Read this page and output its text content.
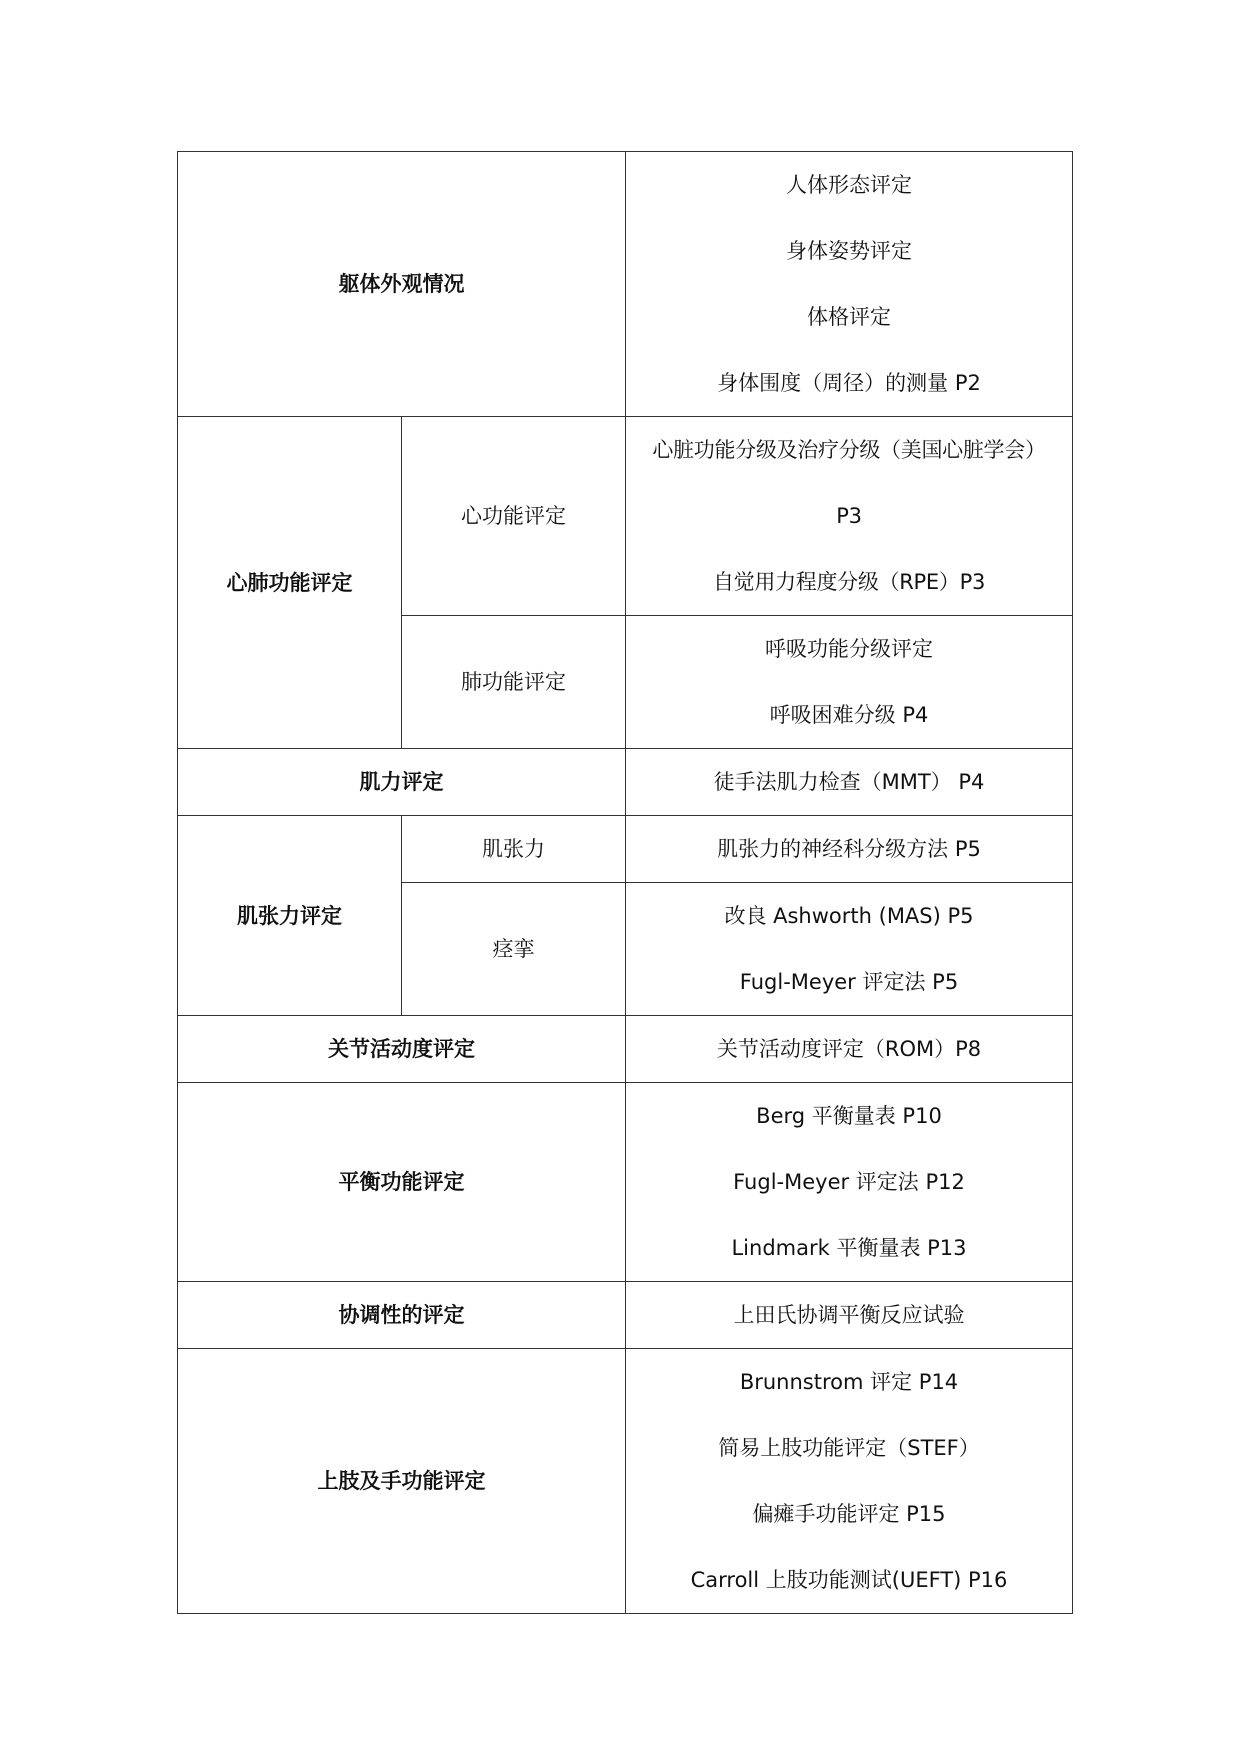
躯体外观情况		人体形态评定
身体姿势评定
体格评定
身体围度（周径）的测量 P2

心肺功能评定	心功能评定	心脏功能分级及治疗分级（美国心脏学会）
P3
自觉用力程度分级（RPE）P3

	肺功能评定	呼吸功能分级评定
呼吸困难分级 P4

肌力评定		徒手法肌力检查（MMT） P4

肌张力评定	肌张力	肌张力的神经科分级方法 P5

	痉挛	改良 Ashworth (MAS) P5
Fugl-Meyer 评定法 P5

关节活动度评定		关节活动度评定（ROM）P8

平衡功能评定		Berg 平衡量表 P10
Fugl-Meyer 评定法 P12
Lindmark 平衡量表 P13

协调性的评定		上田氏协调平衡反应试验

上肢及手功能评定		Brunnstrom 评定 P14
简易上肢功能评定（STEF）
偏瘫手功能评定 P15
Carroll 上肢功能测试(UEFT) P16
